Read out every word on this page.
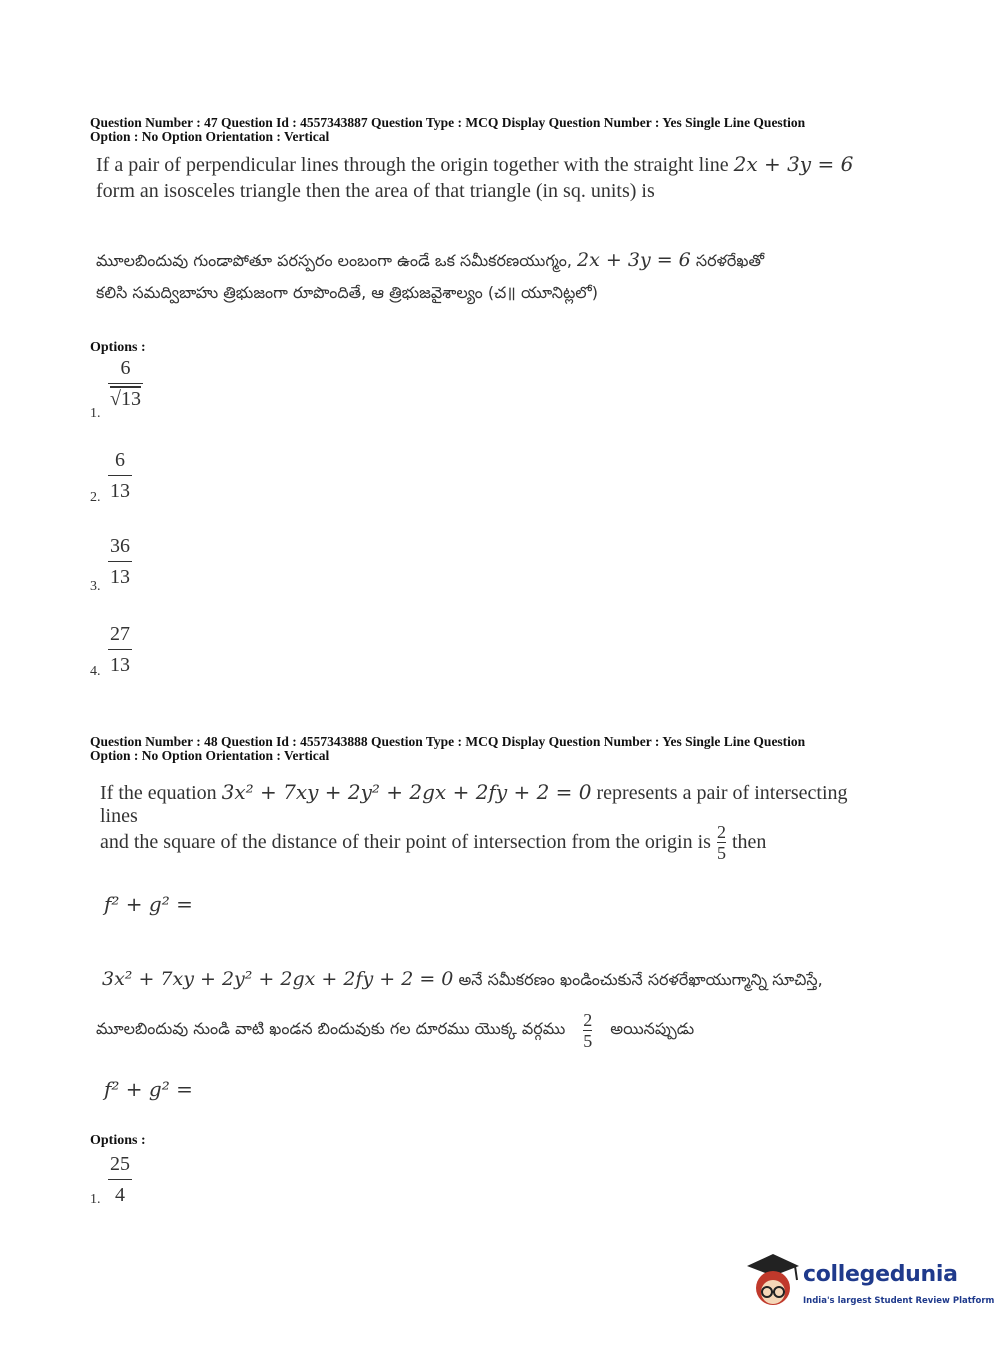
Question Number : 47 Question Id : 4557343887 Question Type : MCQ Display Question Number : Yes Single Line Question
Option : No Option Orientation : Vertical
If a pair of perpendicular lines through the origin together with the straight line 2x + 3y = 6
form an isosceles triangle then the area of that triangle (in sq. units) is
మూలబిందువు గుండాపోతూ పరస్పరం లంబంగా ఉండే ఒక సమీకరణయుగ్మం, 2x + 3y = 6 సరళరేఖతో
కలిసి సమద్విబాహు త్రిభుజంగా రూపొందితే, ఆ త్రిభుజవైశాల్యం (చ॥ యూనిట్లలో)
Options :
1.
$\frac{6}{√13}$
2.
6
13
3.
36
13
4.
27
13
Question Number : 48 Question Id : 4557343888 Question Type : MCQ Display Question Number : Yes Single Line Question
Option : No Option Orientation : Vertical
If the equation 3x² + 7xy + 2y² + 2gx + 2fy + 2 = 0 represents a pair of intersecting lines
and the square of the distance of their point of intersection from the origin is 2
5 then
f² + g² =
3x² + 7xy + 2y² + 2gx + 2fy + 2 = 0 అనే సమీకరణం ఖండించుకునే సరళరేఖాయుగ్మాన్ని సూచిస్తే,
మూలబిందువు నుండి వాటి ఖండన బిందువుకు గల దూరము యొక్క వర్గము 2
5
అయినప్పుడు
f² + g² =
Options :
1.
25
4
collegedunia
India's largest Student Review Platform
